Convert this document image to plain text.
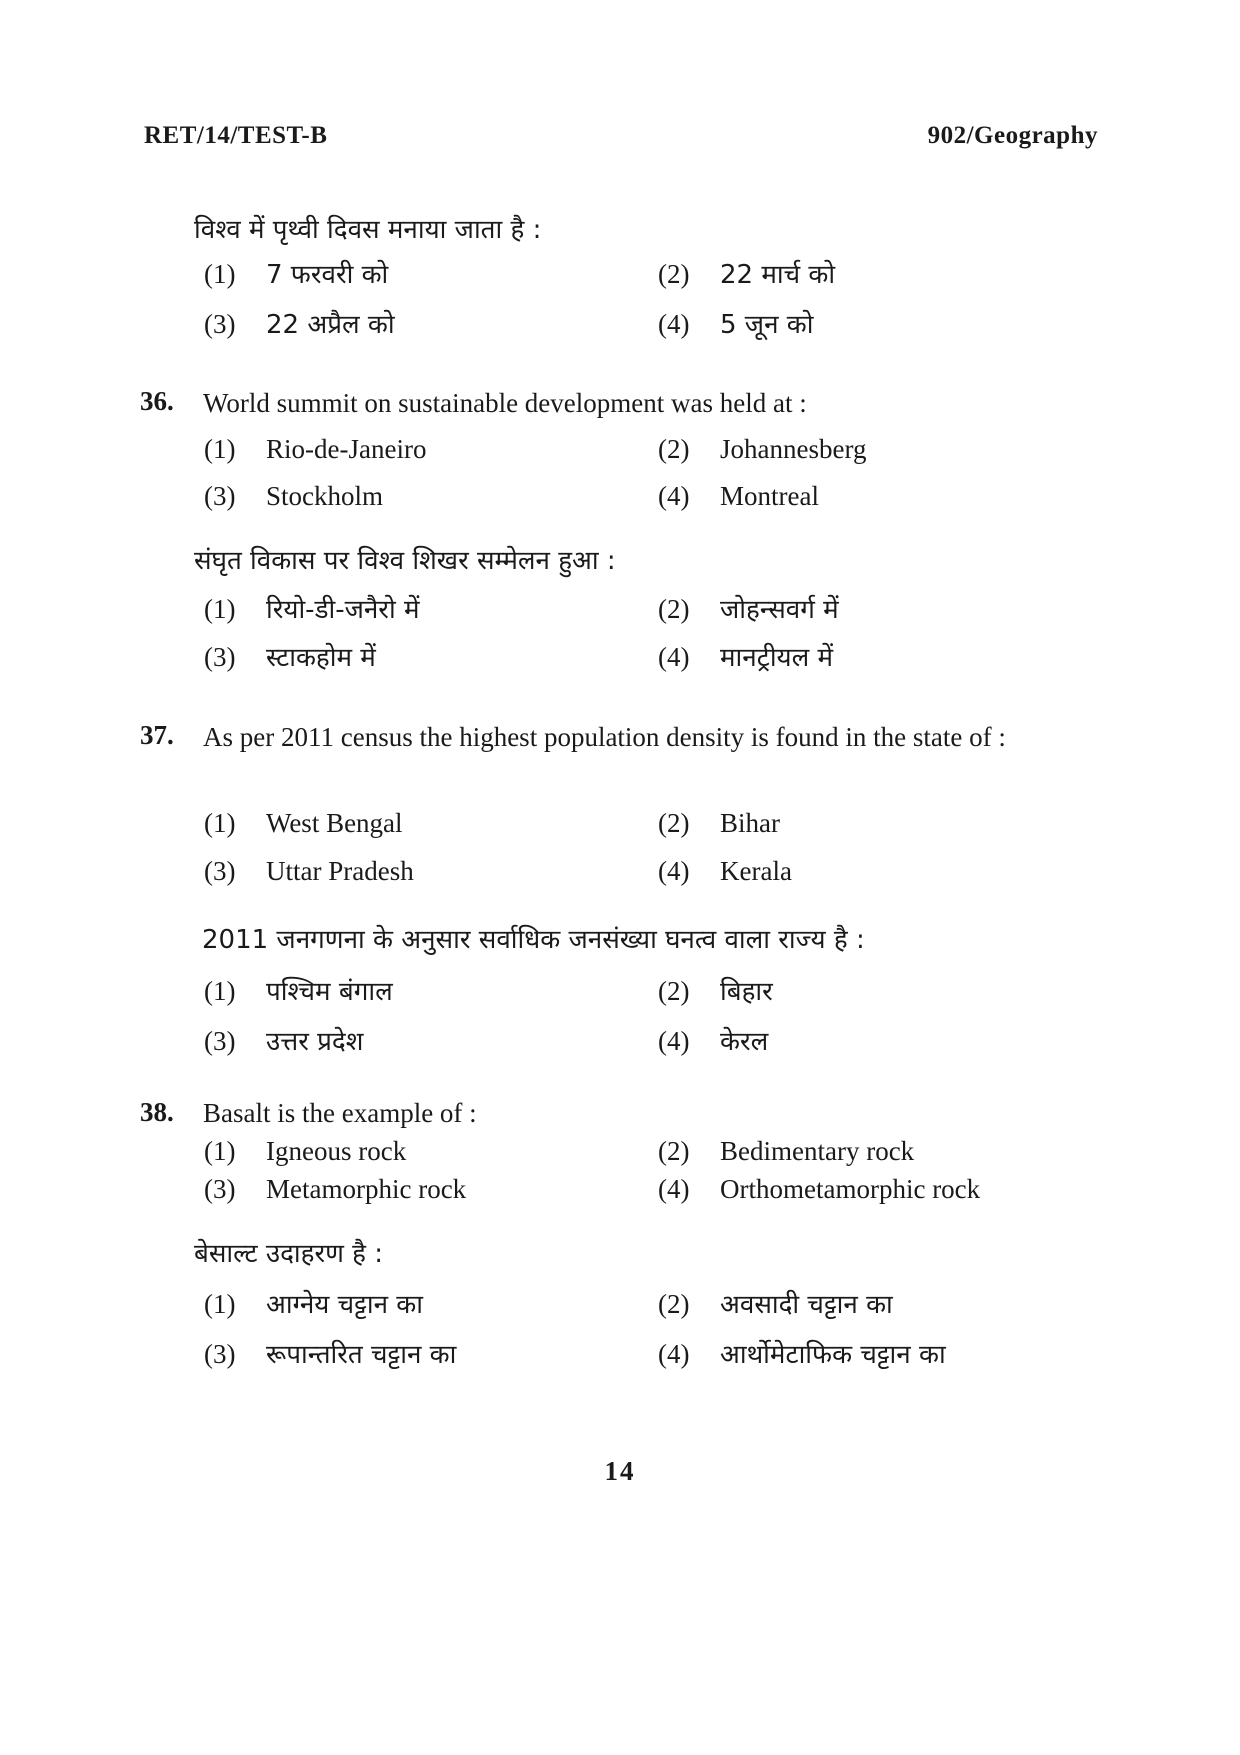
RET/14/TEST-B	902/Geography
विश्व में पृथ्वी दिवस मनाया जाता है :
(1) 7 फरवरी को	(2) 22 मार्च को
(3) 22 अप्रैल को	(4) 5 जून को
36. World summit on sustainable development was held at :
(1) Rio-de-Janeiro	(2) Johannesberg
(3) Stockholm	(4) Montreal
संघृत विकास पर विश्व शिखर सम्मेलन हुआ :
(1) रियो-डी-जनैरो में	(2) जोहन्सवर्ग में
(3) स्टाकहोम में	(4) मानट्रीयल में
37. As per 2011 census the highest population density is found in the state of :
(1) West Bengal	(2) Bihar
(3) Uttar Pradesh	(4) Kerala
2011 जनगणना के अनुसार सर्वाधिक जनसंख्या घनत्व वाला राज्य है :
(1) पश्चिम बंगाल	(2) बिहार
(3) उत्तर प्रदेश	(4) केरल
38. Basalt is the example of :
(1) Igneous rock	(2) Bedimentary rock
(3) Metamorphic rock	(4) Orthometamorphic rock
बेसाल्ट उदाहरण है :
(1) आग्नेय चट्टान का	(2) अवसादी चट्टान का
(3) रूपान्तरित चट्टान का	(4) आर्थोमेटाफिक चट्टान का
14
